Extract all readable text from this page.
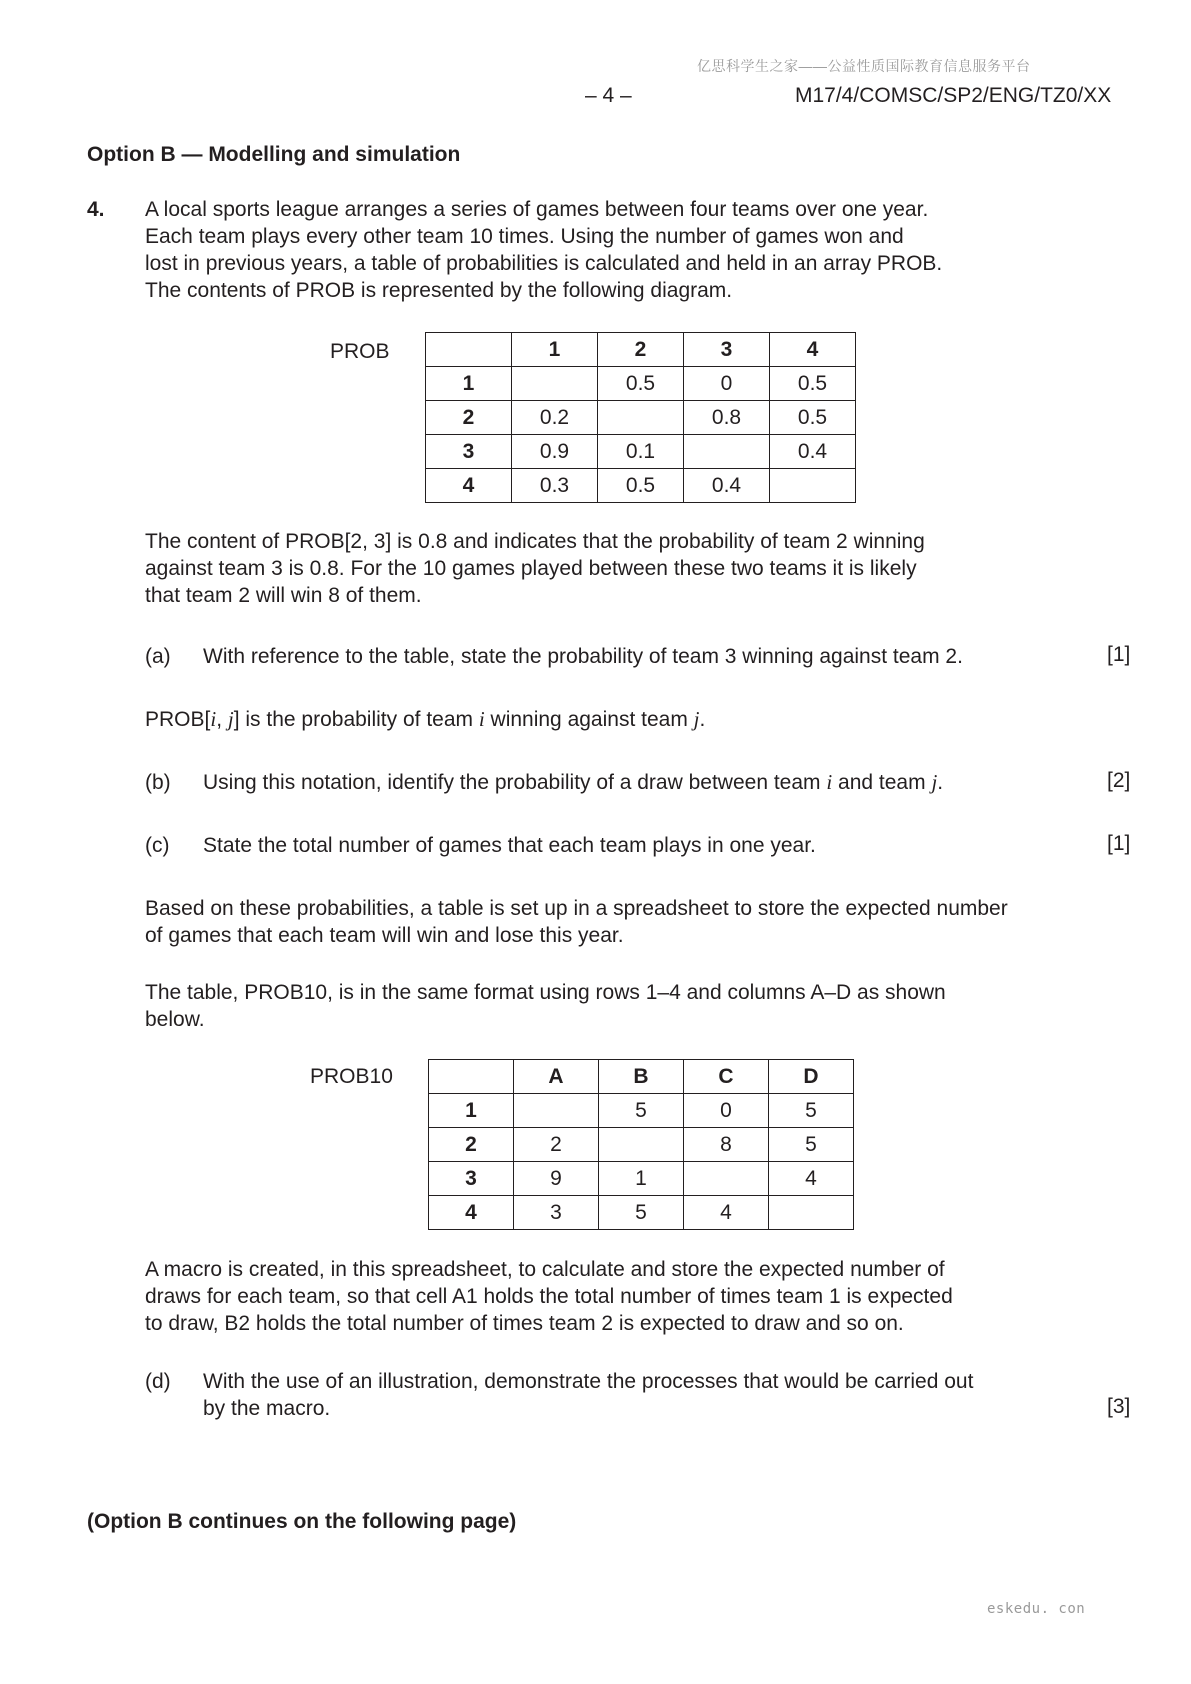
亿思科学生之家——公益性质国际教育信息服务平台
– 4 –	M17/4/COMSC/SP2/ENG/TZ0/XX
Option B — Modelling and simulation
4. A local sports league arranges a series of games between four teams over one year.
Each team plays every other team 10 times. Using the number of games won and
lost in previous years, a table of probabilities is calculated and held in an array PROB.
The contents of PROB is represented by the following diagram.
PROB
		1	2	3	4
1		0.5	0	0.5
2	0.2		0.8	0.5
3	0.9	0.1		0.4
4	0.3	0.5	0.4	
The content of PROB[2, 3] is 0.8 and indicates that the probability of team 2 winning
against team 3 is 0.8. For the 10 games played between these two teams it is likely
that team 2 will win 8 of them.
(a) With reference to the table, state the probability of team 3 winning against team 2.	[1]
PROB[i, j] is the probability of team i winning against team j.
(b) Using this notation, identify the probability of a draw between team i and team j.	[2]
(c) State the total number of games that each team plays in one year.	[1]
Based on these probabilities, a table is set up in a spreadsheet to store the expected number
of games that each team will win and lose this year.
The table, PROB10, is in the same format using rows 1–4 and columns A–D as shown
below.
PROB10
		A	B	C	D
1		5	0	5
2	2		8	5
3	9	1		4
4	3	5	4	
A macro is created, in this spreadsheet, to calculate and store the expected number of
draws for each team, so that cell A1 holds the total number of times team 1 is expected
to draw, B2 holds the total number of times team 2 is expected to draw and so on.
(d) With the use of an illustration, demonstrate the processes that would be carried out
by the macro.	[3]
(Option B continues on the following page)
eskedu. con
